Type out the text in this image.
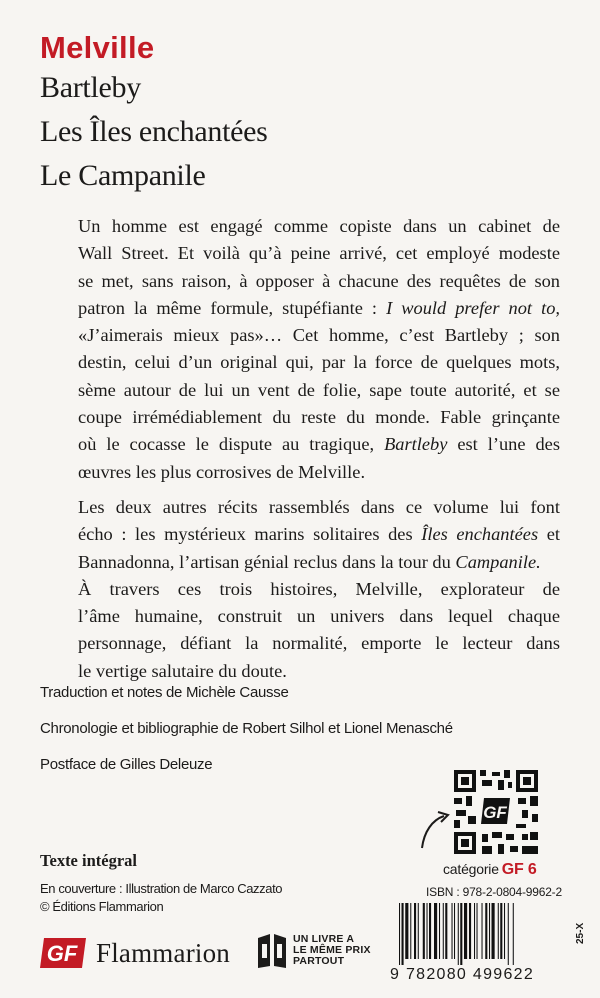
Melville
Bartleby
Les Îles enchantées
Le Campanile

Un homme est engagé comme copiste dans un cabinet de
Wall Street. Et voilà qu’à peine arrivé, cet employé modeste
se met, sans raison, à opposer à chacune des requêtes de son
patron la même formule, stupéfiante : I would prefer not to,
«J’aimerais mieux pas»… Cet homme, c’est Bartleby ; son
destin, celui d’un original qui, par la force de quelques mots,
sème autour de lui un vent de folie, sape toute autorité, et se
coupe irrémédiablement du reste du monde. Fable grinçante
où le cocasse le dispute au tragique, Bartleby est l’une des
œuvres les plus corrosives de Melville.

Les deux autres récits rassemblés dans ce volume lui font
écho : les mystérieux marins solitaires des Îles enchantées et
Bannadonna, l’artisan génial reclus dans la tour du Campanile.
À travers ces trois histoires, Melville, explorateur de
l’âme humaine, construit un univers dans lequel chaque
personnage, défiant la normalité, emporte le lecteur dans
le vertige salutaire du doute.

Traduction et notes de Michèle Causse
Chronologie et bibliographie de Robert Silhol et Lionel Menasché
Postface de Gilles Deleuze
Texte intégral
En couverture : Illustration de Marco Cazzato
© Éditions Flammarion
GF Flammarion	UN LIVRE A
LE MÊME PRIX
PARTOUT
GF
catégorie GF 6
ISBN : 978-2-0804-9962-2
9 782080 499622
25-X
